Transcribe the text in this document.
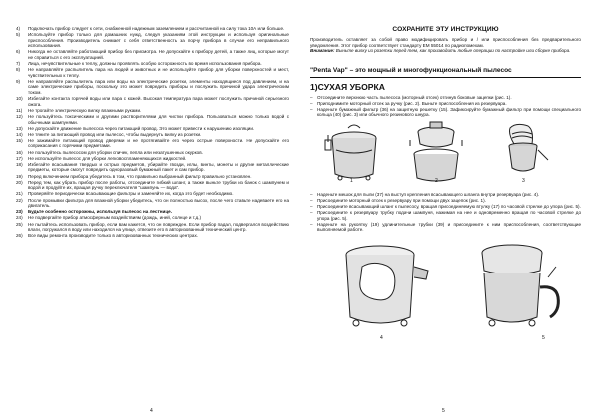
4)	Подключать прибор следует к сети, снабженной надежным заземлением и рассчитанной на силу тока 10А или больше.
5)	Используйте прибор только для домашних нужд, следуя указаниям этой инструкции и используя оригинальные приспособления. Производитель снимает с себя ответственность за порчу прибора в случае его неправильного использования.
6)	Никогда не оставляйте работающий прибор без присмотра. Не допускайте к прибору детей, а также лиц, которые могут не справиться с его эксплуатацией.
7)	Лица, нечувствительные к теплу, должны проявлять особую осторожность во время использования прибора.
8)	Не направляйте распылитель пара на людей и животных и не используйте прибор для уборки поверхностей и мест, чувствительных к теплу.
9)	Не направляйте распылитель пара или воды на электрические розетки, элементы находящиеся под давлением, и на саме электрические приборы, поскольку это может повредить приборы и послужить причиной удара электрическим током.
10)	Избегайте контакта горячей воды или пара с кожей. Высокая температура пара может послужить причиной серьезного ожога.
11)	Не трогайте электрическую вилку влажными руками.
12)	Не пользуйтесь токсическими и другими растворителями для чистки прибора. Пользоваться можно только водой с обычными шампунями.
13)	Не допускайте движение пылесоса через питающий провод. Это может привести к нарушению изоляции.
14)	Не тяните за питающий провод или пылесос, чтобы выдернуть вилку из розетки.
15)	Не зажимайте питающий провод дверями и не протягивайте его через острые поверхности. Не допускайте его соприкасания с горячими предметами.
16)	Не пользуйтесь пылесосом для уборки спичек, пепла или незатушенных окурков.
17)	Не используйте пылесос для уборки легковоспламеняющихся жидкостей.
18)	Избегайте всасывания твердых и острых предметов, убирайте гвозди, иглы, винты, монеты и другие металлические предметы, которые смогут повредить одноразовый бумажный пакет и сам прибор.
19)	Перед включением прибора убедитесь в том, что правильно выбранный фильтр правильно установлен.
20)	Перед тем, как убрать прибор после работы, отсоедините гибкий шланг, а также выньте трубки из банок с шампунем и водой и продуйте их, вращая ручку переключателя "шампунь — вода".
21)	Проверяйте периодически всасывающие фильтры и заменяйте их, когда это будет необходимо.
22)	После промывки фильтра для влажной уборки убедитесь, что он полностью высох, после чего ставьте надеваете его на двигатель.
23)	Будьте особенно осторожны, используя пылесос на лестнице.
24)	Не подвергайте прибор атмосферным воздействиям (дождь, иней, солнце и т.д.)
25)	Не пытайтесь использовать прибор, если вам кажется, что он поврежден. Если прибор падал, подвергался воздействию влаги, погружался в воду или находился на улице, отвезите его в авторизованный технический центр.
26)	Все виды ремонта производите только в авторизованных технических центрах.
4
СОХРАНИТЕ ЭТУ ИНСТРУКЦИЮ

Производитель оставляет за собой право модифицировать прибор и / или приспособления без предварительного уведомления. Этот прибор соответствует стандарту ЕМ 55014 по радиопомехам.

Внимание: Выньте вилку из розетки перед тем, как производить любые операции по настройке или сборке прибора.

"Penta Vap" – это мощный и многофункциональный пылесос
1)СУХАЯ УБОРКА
– Отсоедините верхнюю часть пылесоса (моторный отсек) отгинув боковые зацепки (рис. 1).
– Приподнимите моторный отсек за ручку (рис. 2). Выньте приспособления из резервуара.
– Наденьте бумажный фильтр (36) на защитную решетку (15). Зафиксируйте бумажный фильтр при помощи специального кольца (40) (рис. 3) или обычного резинового шнура.
1	2	3
– Наденьте мешок для пыли (37) на выступ крепления всасывающего шланга внутри резервуара (рис. 4).
– Присоедините моторный отсек к резервуару при помощи двух зацепок (рис. 1).
– Присоедините всасывающий шланг к пылесосу, вращая присоединяемую втулку (17) по часовой стрелке до упора (рис. 5).
– Присоедините к резервуару трубку подачи шампуня, нажимая на нее и одновременно вращая по часовой стрелке до упора (рис. 5).
– Наденьте на рукоятку (19) удлинительные трубки (39) и присоедините к ним приспособления, соответствующие выполняемой работе.
4	5
5
